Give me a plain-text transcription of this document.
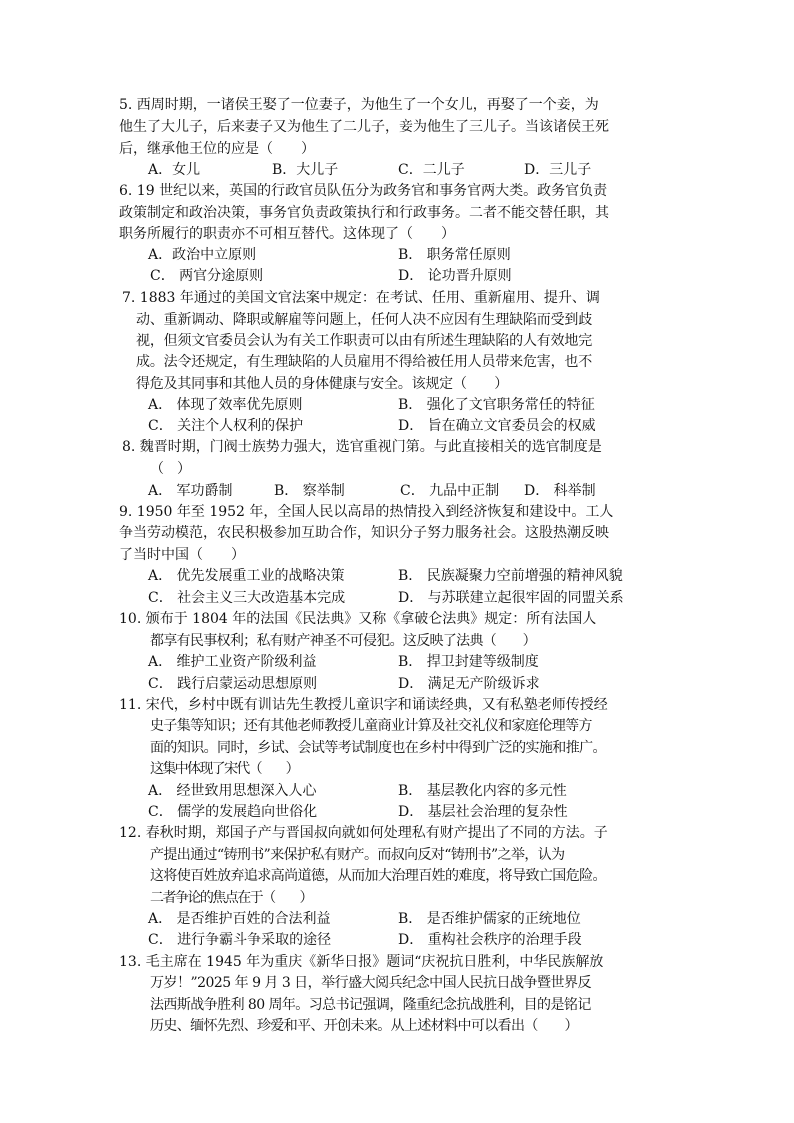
5. 西周时期，一诸侯王娶了一位妻子，为他生了一个女儿，再娶了一个妾，为
他生了大儿子，后来妻子又为他生了二儿子，妾为他生了三儿子。当该诸侯王死
后，继承他王位的应是（　　）
A．女儿	B．大儿子	C．二儿子	D．三儿子
6. 19 世纪以来，英国的行政官员队伍分为政务官和事务官两大类。政务官负责
政策制定和政治决策，事务官负责政策执行和行政事务。二者不能交替任职，其
职务所履行的职责亦不可相互替代。这体现了（　　）
A．政治中立原则	B． 职务常任原则
C． 两官分途原则	D． 论功晋升原则
7. 1883 年通过的美国文官法案中规定：在考试、任用、重新雇用、提升、调
动、重新调动、降职或解雇等问题上，任何人决不应因有生理缺陷而受到歧
视，但须文官委员会认为有关工作职责可以由有所述生理缺陷的人有效地完
成。法令还规定，有生理缺陷的人员雇用不得给被任用人员带来危害，也不
得危及其同事和其他人员的身体健康与安全。该规定（　　）
A． 体现了效率优先原则	B． 强化了文官职务常任的特征
C． 关注个人权利的保护	D． 旨在确立文官委员会的权威
8. 魏晋时期，门阀士族势力强大，选官重视门第。与此直接相关的选官制度是
（　　）
A． 军功爵制	B． 察举制	C． 九品中正制 D． 科举制
9. 1950 年至 1952 年，全国人民以高昂的热情投入到经济恢复和建设中。工人
争当劳动模范，农民积极参加互助合作，知识分子努力服务社会。这股热潮反映
了当时中国（　　）
A． 优先发展重工业的战略决策	B． 民族凝聚力空前增强的精神风貌
C． 社会主义三大改造基本完成	D． 与苏联建立起很牢固的同盟关系
10. 颁布于 1804 年的法国《民法典》又称《拿破仑法典》规定：所有法国人
都享有民事权利；私有财产神圣不可侵犯。这反映了法典（　　）
A． 维护工业资产阶级利益	B． 捍卫封建等级制度
C． 践行启蒙运动思想原则	D． 满足无产阶级诉求
11. 宋代，乡村中既有训诂先生教授儿童识字和诵读经典，又有私塾老师传授经
史子集等知识；还有其他老师教授儿童商业计算及社交礼仪和家庭伦理等方
面的知识。同时，乡试、会试等考试制度也在乡村中得到广泛的实施和推广。
这集中体现了宋代（　　）
A． 经世致用思想深入人心	B． 基层教化内容的多元性
C． 儒学的发展趋向世俗化	D． 基层社会治理的复杂性
12. 春秋时期，郑国子产与晋国叔向就如何处理私有财产提出了不同的方法。子
产提出通过“铸刑书”来保护私有财产。而叔向反对“铸刑书”之举，认为
这将使百姓放弃追求高尚道德，从而加大治理百姓的难度，将导致亡国危险。
二者争论的焦点在于（　　）
A． 是否维护百姓的合法利益	B． 是否维护儒家的正统地位
C． 进行争霸斗争采取的途径	D． 重构社会秩序的治理手段
13. 毛主席在 1945 年为重庆《新华日报》题词“庆祝抗日胜利，中华民族解放
万岁！”2025 年 9 月 3 日，举行盛大阅兵纪念中国人民抗日战争暨世界反
法西斯战争胜利 80 周年。习总书记强调，隆重纪念抗战胜利，目的是铭记
历史、缅怀先烈、珍爱和平、开创未来。从上述材料中可以看出（　　）
